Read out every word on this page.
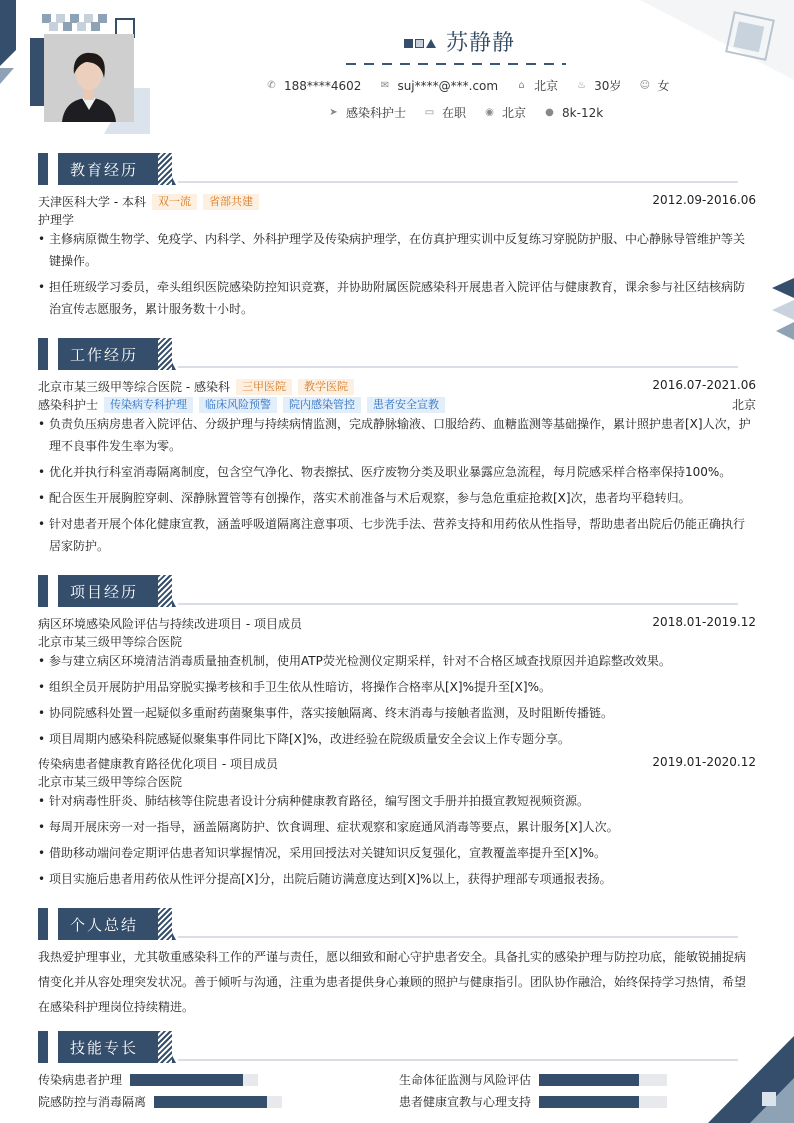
苏静静
✆ 188****4602 ✉ suj****@***.com ⌂ 北京 ♨ 30岁 ☺ 女
➤ 感染科护士 ▭ 在职 ◉ 北京 ● 8k-12k
教育经历
天津医科大学 - 本科	双一流	省部共建	2012.09-2016.06
护理学
• 主修病原微生物学、免疫学、内科学、外科护理学及传染病护理学，在仿真护理实训中反复练习穿脱防护服、中心静脉导管维护等关键操作。
• 担任班级学习委员，牵头组织医院感染防控知识竞赛，并协助附属医院感染科开展患者入院评估与健康教育，课余参与社区结核病防治宣传志愿服务，累计服务数十小时。
工作经历
北京市某三级甲等综合医院 - 感染科	三甲医院	教学医院	2016.07-2021.06
感染科护士	传染病专科护理	临床风险预警	院内感染管控	患者安全宣教	北京
• 负责负压病房患者入院评估、分级护理与持续病情监测，完成静脉输液、口服给药、血糖监测等基础操作，累计照护患者[X]人次，护理不良事件发生率为零。
• 优化并执行科室消毒隔离制度，包含空气净化、物表擦拭、医疗废物分类及职业暴露应急流程，每月院感采样合格率保持100%。
• 配合医生开展胸腔穿刺、深静脉置管等有创操作，落实术前准备与术后观察，参与急危重症抢救[X]次，患者均平稳转归。
• 针对患者开展个体化健康宣教，涵盖呼吸道隔离注意事项、七步洗手法、营养支持和用药依从性指导，帮助患者出院后仍能正确执行居家防护。
项目经历
病区环境感染风险评估与持续改进项目 - 项目成员	2018.01-2019.12
北京市某三级甲等综合医院
• 参与建立病区环境清洁消毒质量抽查机制，使用ATP荧光检测仪定期采样，针对不合格区域查找原因并追踪整改效果。
• 组织全员开展防护用品穿脱实操考核和手卫生依从性暗访，将操作合格率从[X]%提升至[X]%。
• 协同院感科处置一起疑似多重耐药菌聚集事件，落实接触隔离、终末消毒与接触者监测，及时阻断传播链。
• 项目周期内感染科院感疑似聚集事件同比下降[X]%，改进经验在院级质量安全会议上作专题分享。
传染病患者健康教育路径优化项目 - 项目成员	2019.01-2020.12
北京市某三级甲等综合医院
• 针对病毒性肝炎、肺结核等住院患者设计分病种健康教育路径，编写图文手册并拍摄宣教短视频资源。
• 每周开展床旁一对一指导，涵盖隔离防护、饮食调理、症状观察和家庭通风消毒等要点，累计服务[X]人次。
• 借助移动端问卷定期评估患者知识掌握情况，采用回授法对关键知识反复强化，宣教覆盖率提升至[X]%。
• 项目实施后患者用药依从性评分提高[X]分，出院后随访满意度达到[X]%以上，获得护理部专项通报表扬。
个人总结

我热爱护理事业，尤其敬重感染科工作的严谨与责任，愿以细致和耐心守护患者安全。具备扎实的感染护理与防控功底，能敏锐捕捉病情变化并从容处理突发状况。善于倾听与沟通，注重为患者提供身心兼顾的照护与健康指引。团队协作融洽，始终保持学习热情，希望在感染科护理岗位持续精进。

技能专长
传染病患者护理	生命体征监测与风险评估
院感防控与消毒隔离	患者健康宣教与心理支持
